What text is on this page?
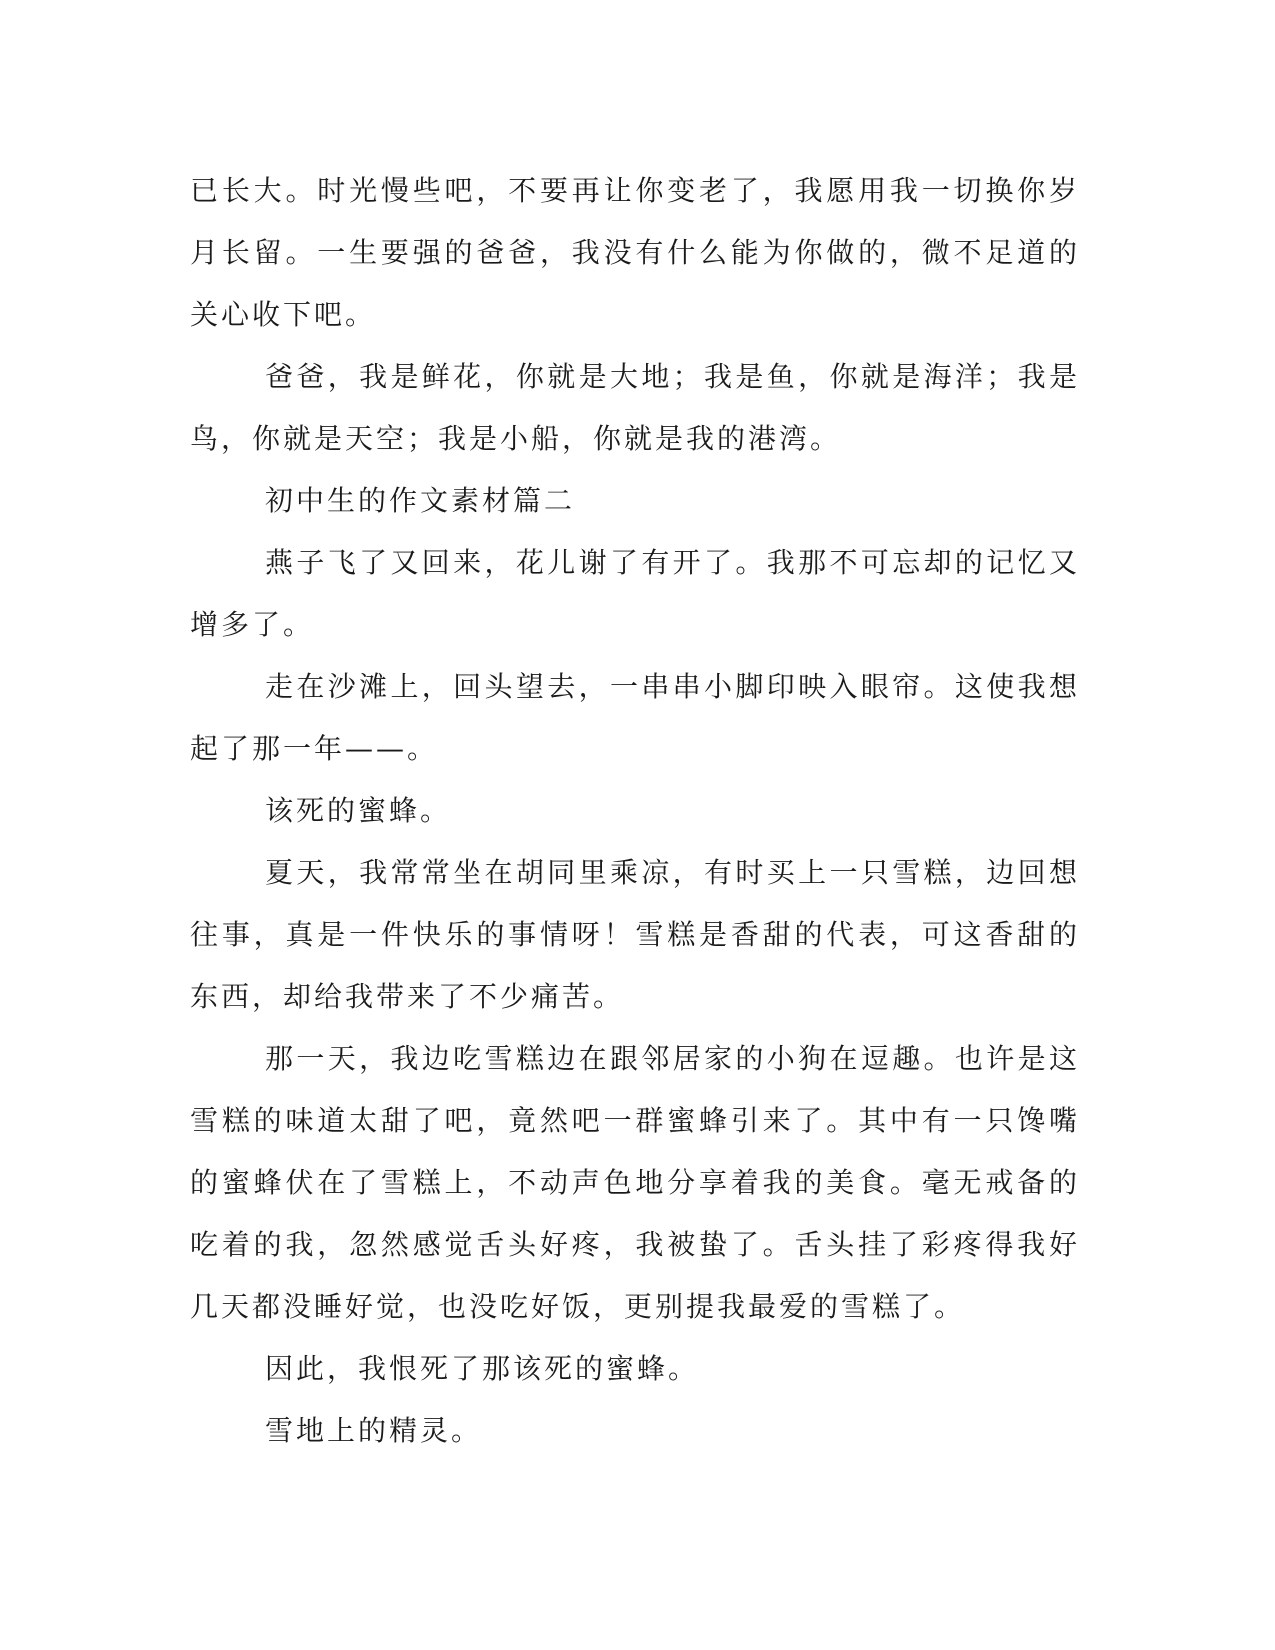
已长大。时光慢些吧，不要再让你变老了，我愿用我一切换你岁月长留。一生要强的爸爸，我没有什么能为你做的，微不足道的关心收下吧。

爸爸，我是鲜花，你就是大地；我是鱼，你就是海洋；我是鸟，你就是天空；我是小船，你就是我的港湾。

初中生的作文素材篇二

燕子飞了又回来，花儿谢了有开了。我那不可忘却的记忆又增多了。

走在沙滩上，回头望去，一串串小脚印映入眼帘。这使我想起了那一年——。

该死的蜜蜂。

夏天，我常常坐在胡同里乘凉，有时买上一只雪糕，边回想往事，真是一件快乐的事情呀！雪糕是香甜的代表，可这香甜的东西，却给我带来了不少痛苦。

那一天，我边吃雪糕边在跟邻居家的小狗在逗趣。也许是这雪糕的味道太甜了吧，竟然吧一群蜜蜂引来了。其中有一只馋嘴的蜜蜂伏在了雪糕上，不动声色地分享着我的美食。毫无戒备的吃着的我，忽然感觉舌头好疼，我被蛰了。舌头挂了彩疼得我好几天都没睡好觉，也没吃好饭，更别提我最爱的雪糕了。

因此，我恨死了那该死的蜜蜂。

雪地上的精灵。
